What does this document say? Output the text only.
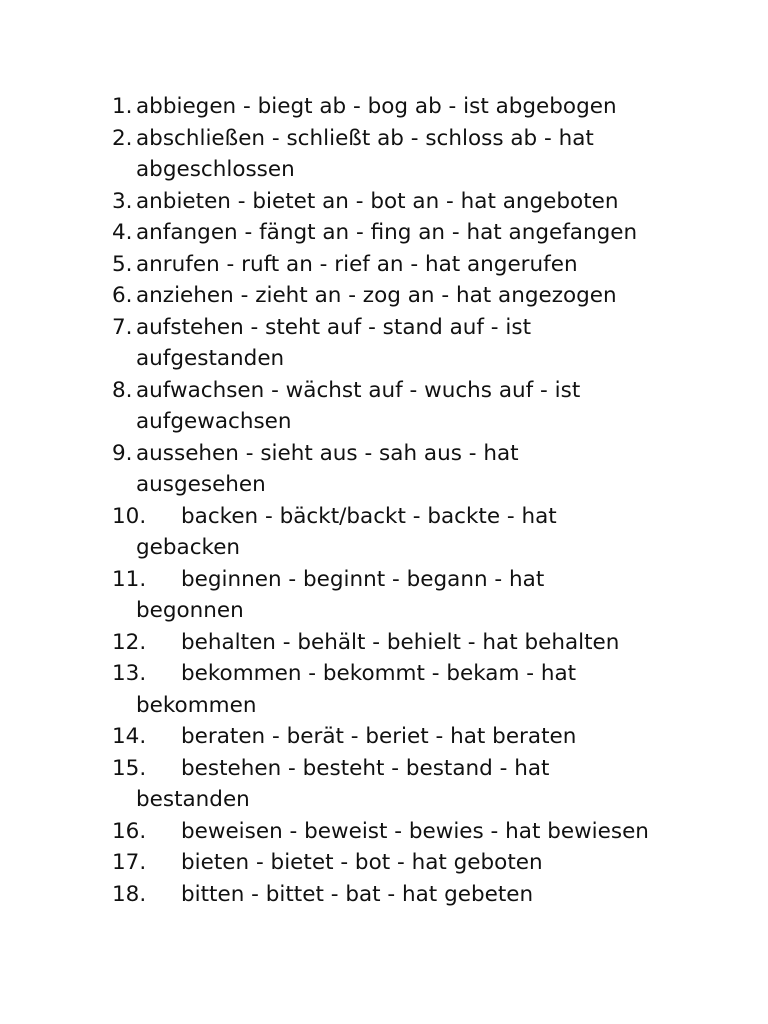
1. abbiegen - biegt ab - bog ab - ist abgebogen
2. abschließen - schließt ab - schloss ab - hat
abgeschlossen
3. anbieten - bietet an - bot an - hat angeboten
4. anfangen - fängt an - fing an - hat angefangen
5. anrufen - ruft an - rief an - hat angerufen
6. anziehen - zieht an - zog an - hat angezogen
7. aufstehen - steht auf - stand auf - ist
aufgestanden
8. aufwachsen - wächst auf - wuchs auf - ist
aufgewachsen
9. aussehen - sieht aus - sah aus - hat
ausgesehen
10. backen - bäckt/backt - backte - hat
gebacken
11. beginnen - beginnt - begann - hat
begonnen
12. behalten - behält - behielt - hat behalten
13. bekommen - bekommt - bekam - hat
bekommen
14. beraten - berät - beriet - hat beraten
15. bestehen - besteht - bestand - hat
bestanden
16. beweisen - beweist - bewies - hat bewiesen
17. bieten - bietet - bot - hat geboten
18. bitten - bittet - bat - hat gebeten
